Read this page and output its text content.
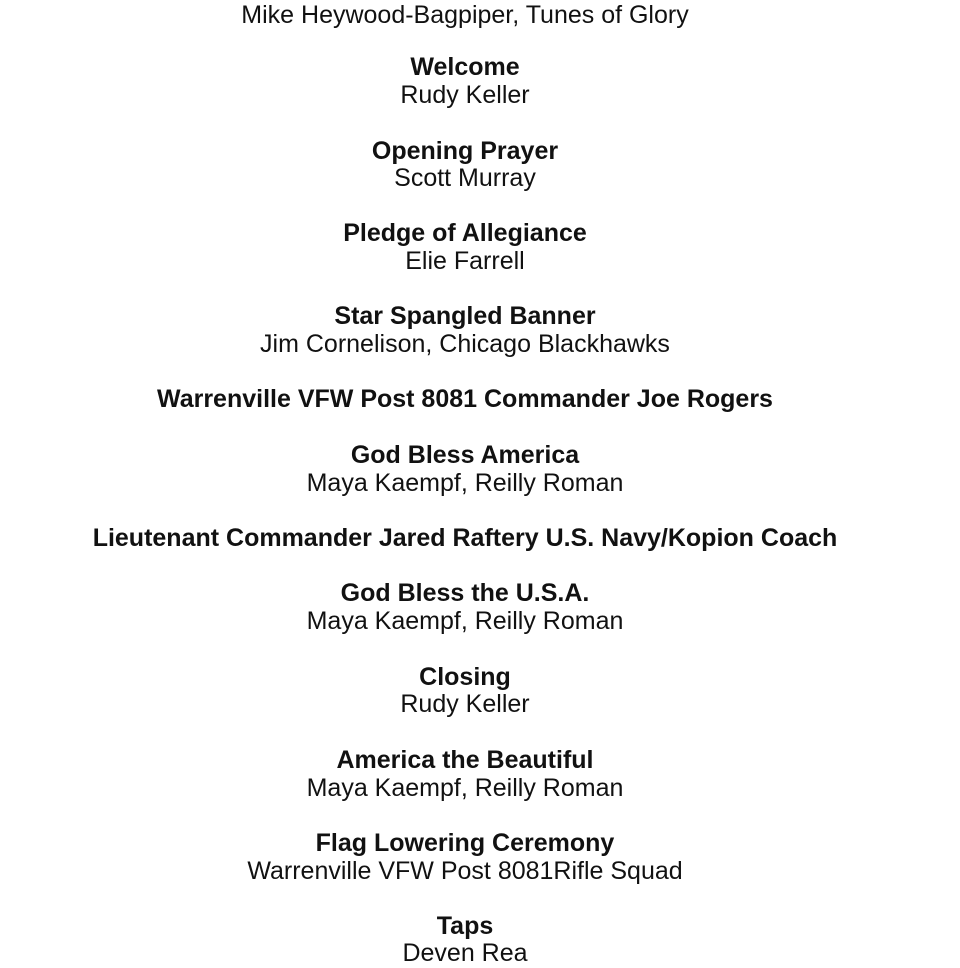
Mike Heywood-Bagpiper, Tunes of Glory
Welcome
Rudy Keller
Opening Prayer
Scott Murray
Pledge of Allegiance
Elie Farrell
Star Spangled Banner
Jim Cornelison, Chicago Blackhawks
Warrenville VFW Post 8081 Commander Joe Rogers
God Bless America
Maya Kaempf, Reilly Roman
Lieutenant Commander Jared Raftery U.S. Navy/Kopion Coach
God Bless the U.S.A.
Maya Kaempf, Reilly Roman
Closing
Rudy Keller
America the Beautiful
Maya Kaempf, Reilly Roman
Flag Lowering Ceremony
Warrenville VFW Post 8081Rifle Squad
Taps
Deven Rea
